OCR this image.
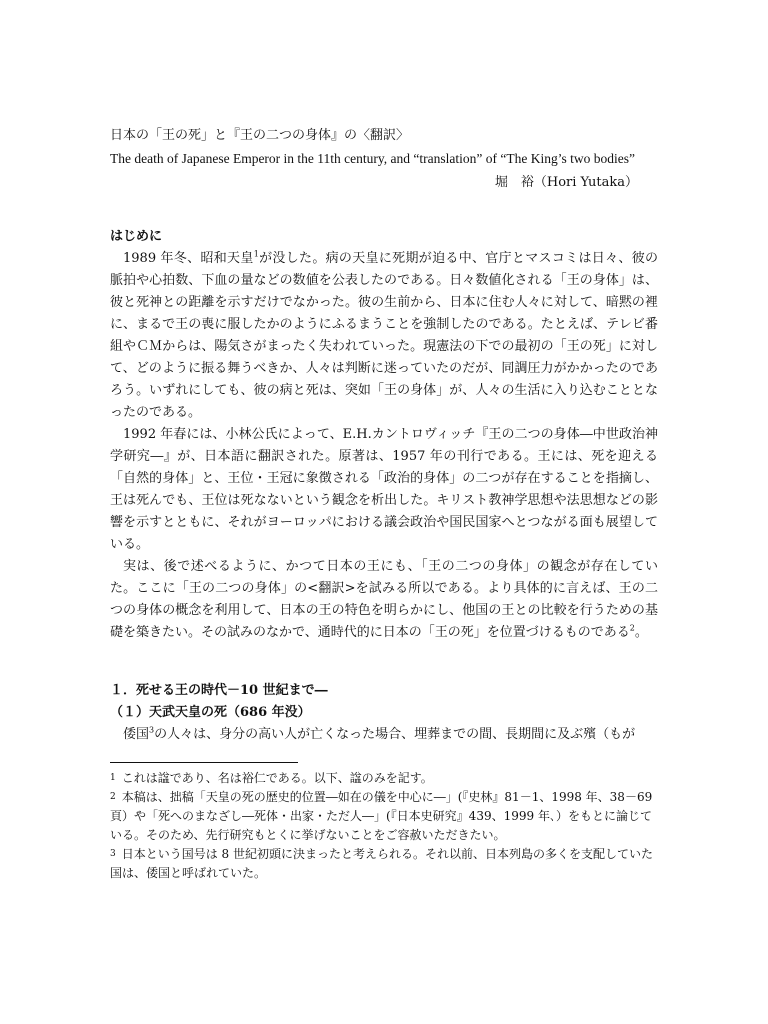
日本の「王の死」と『王の二つの身体』の〈翻訳〉

The death of Japanese Emperor in the 11th century, and “translation” of “The King’s two bodies”

堀　裕（Hori Yutaka）

はじめに

1989 年冬、昭和天皇$^1$が没した。病の天皇に死期が迫る中、官庁とマスコミは日々、彼の脈拍や心拍数、下血の量などの数値を公表したのである。日々数値化される「王の身体」は、彼と死神との距離を示すだけでなかった。彼の生前から、日本に住む人々に対して、暗黙の裡に、まるで王の喪に服したかのようにふるまうことを強制したのである。たとえば、テレビ番組やＣＭからは、陽気さがまったく失われていった。現憲法の下での最初の「王の死」に対して、どのように振る舞うべきか、人々は判断に迷っていたのだが、同調圧力がかかったのであろう。いずれにしても、彼の病と死は、突如「王の身体」が、人々の生活に入り込むこととなったのである。

1992 年春には、小林公氏によって、E.H.カントロヴィッチ『王の二つの身体―中世政治神学研究―』が、日本語に翻訳された。原著は、1957 年の刊行である。王には、死を迎える「自然的身体」と、王位・王冠に象徴される「政治的身体」の二つが存在することを指摘し、王は死んでも、王位は死なないという観念を析出した。キリスト教神学思想や法思想などの影響を示すとともに、それがヨーロッパにおける議会政治や国民国家へとつながる面も展望している。

実は、後で述べるように、かつて日本の王にも、「王の二つの身体」の観念が存在していた。ここに「王の二つの身体」の<翻訳>を試みる所以である。より具体的に言えば、王の二つの身体の概念を利用して、日本の王の特色を明らかにし、他国の王との比較を行うための基礎を築きたい。その試みのなかで、通時代的に日本の「王の死」を位置づけるものである$^2$。

１．死せる王の時代－10 世紀まで―

（１）天武天皇の死（686 年没）

倭国$^3$の人々は、身分の高い人が亡くなった場合、埋葬までの間、長期間に及ぶ殯（もが

$^1$ これは諡であり、名は裕仁である。以下、諡のみを記す。

$^2$ 本稿は、拙稿「天皇の死の歴史的位置―如在の儀を中心に―」(『史林』81－1、1998 年、38－69 頁）や「死へのまなざし―死体・出家・ただ人―」(『日本史研究』439、1999 年､）をもとに論じている。そのため、先行研究もとくに挙げないことをご容赦いただきたい。

$^3$ 日本という国号は 8 世紀初頭に決まったと考えられる。それ以前、日本列島の多くを支配していた国は、倭国と呼ばれていた。
